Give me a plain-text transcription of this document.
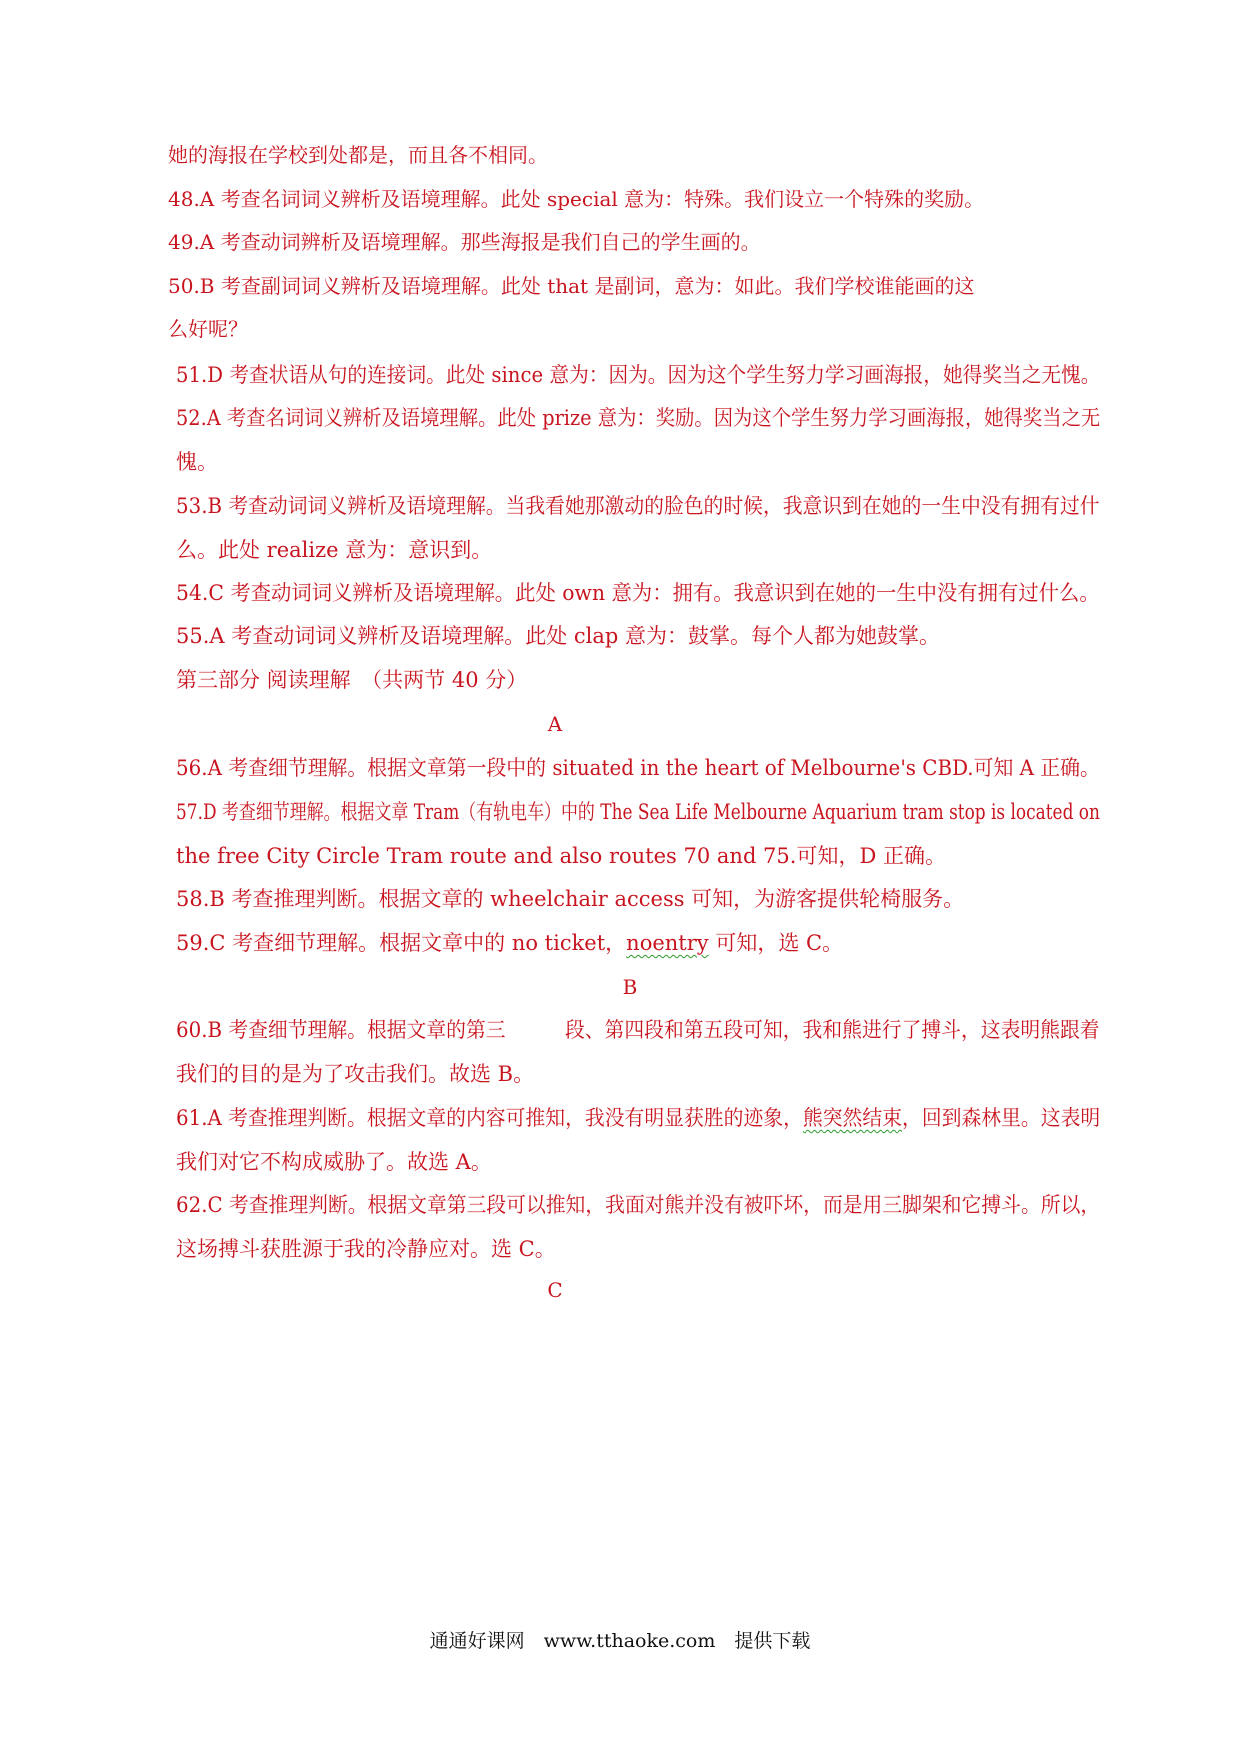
她的海报在学校到处都是，而且各不相同。
48.A 考查名词词义辨析及语境理解。此处 special 意为：特殊。我们设立一个特殊的奖励。
49.A 考查动词辨析及语境理解。那些海报是我们自己的学生画的。
50.B 考查副词词义辨析及语境理解。此处 that 是副词，意为：如此。我们学校谁能画的这
么好呢？
51.D 考查状语从句的连接词。此处 since 意为：因为。因为这个学生努力学习画海报，她得奖当之无愧。
52.A 考查名词词义辨析及语境理解。此处 prize 意为：奖励。因为这个学生努力学习画海报，她得奖当之无
愧。
53.B 考查动词词义辨析及语境理解。当我看她那激动的脸色的时候，我意识到在她的一生中没有拥有过什
么。此处 realize 意为：意识到。
54.C 考查动词词义辨析及语境理解。此处 own 意为：拥有。我意识到在她的一生中没有拥有过什么。
55.A 考查动词词义辨析及语境理解。此处 clap 意为：鼓掌。每个人都为她鼓掌。
第三部分 阅读理解　（共两节 40 分）
A
56.A 考查细节理解。根据文章第一段中的 situated in the heart of Melbourne's CBD.可知 A 正确。
57.D 考查细节理解。根据文章 Tram（有轨电车）中的 The Sea Life Melbourne Aquarium tram stop is located on
the free City Circle Tram route and also routes 70 and 75.可知，D 正确。
58.B 考查推理判断。根据文章的 wheelchair access 可知，为游客提供轮椅服务。
59.C 考查细节理解。根据文章中的 no ticket，noentry 可知，选 C。
B
60.B 考查细节理解。根据文章的第三　　　段、第四段和第五段可知，我和熊进行了搏斗，这表明熊跟着
我们的目的是为了攻击我们。故选 B。
61.A 考查推理判断。根据文章的内容可推知，我没有明显获胜的迹象，熊突然结束，回到森林里。这表明
我们对它不构成威胁了。故选 A。
62.C 考查推理判断。根据文章第三段可以推知，我面对熊并没有被吓坏，而是用三脚架和它搏斗。所以，
这场搏斗获胜源于我的冷静应对。选 C。
C
通通好课网　www.tthaoke.com　提供下载
